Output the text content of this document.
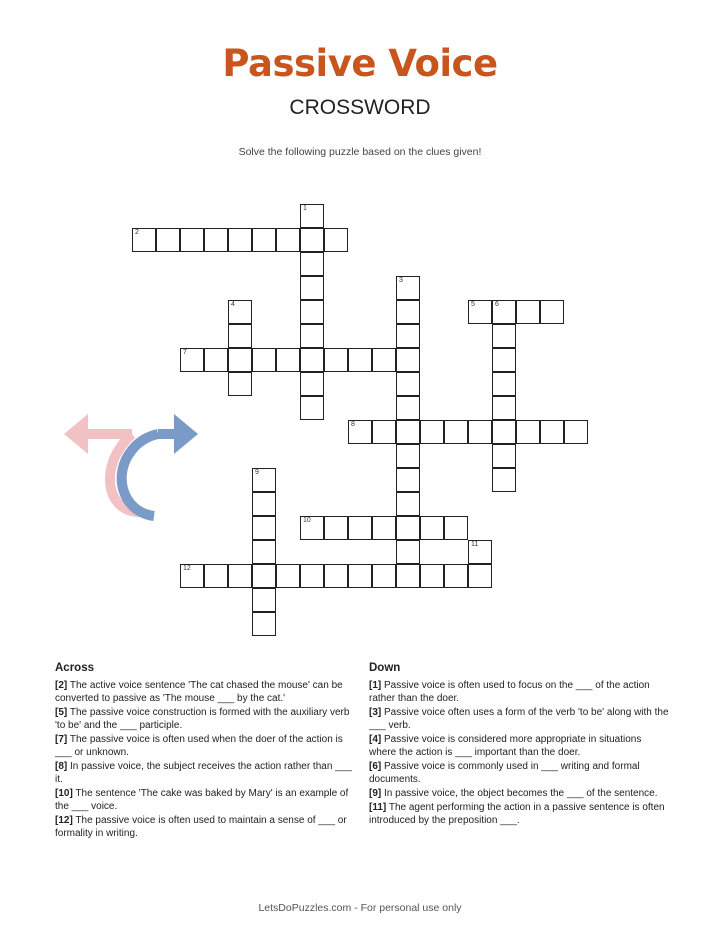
Passive Voice
CROSSWORD
Solve the following puzzle based on the clues given!
2
7
5	6
8
10
12
1
3
4
9
11
Across
[2] The active voice sentence 'The cat chased the mouse' can be converted to passive as 'The mouse ___ by the cat.'
[5] The passive voice construction is formed with the auxiliary verb 'to be' and the ___ participle.
[7] The passive voice is often used when the doer of the action is ___ or unknown.
[8] In passive voice, the subject receives the action rather than ___ it.
[10] The sentence 'The cake was baked by Mary' is an example of the ___ voice.
[12] The passive voice is often used to maintain a sense of ___ or formality in writing.
Down
[1] Passive voice is often used to focus on the ___ of the action rather than the doer.
[3] Passive voice often uses a form of the verb 'to be' along with the ___ verb.
[4] Passive voice is considered more appropriate in situations where the action is ___ important than the doer.
[6] Passive voice is commonly used in ___ writing and formal documents.
[9] In passive voice, the object becomes the ___ of the sentence.
[11] The agent performing the action in a passive sentence is often introduced by the preposition ___.
LetsDoPuzzles.com - For personal use only
